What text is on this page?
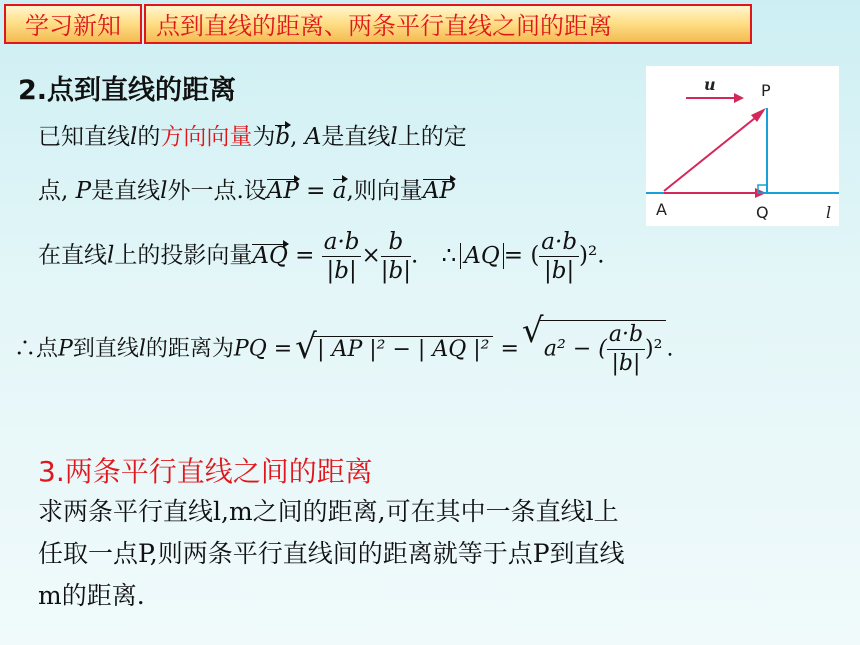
学习新知	点到直线的距离、两条平行直线之间的距离
2.点到直线的距离	u	P
A	Q	l
已知直线l的方向向量为b, A是直线l上的定
点, P是直线l外一点.设AP = a,则向量AP
在直线l上的投影向量AQ = $\frac{a\cdot b}{|b|} \times \frac{b}{|b|}$ . ∴ AQ = ( $\frac{a\cdot b}{|b|} )^2$.
∴点P到直线l的距离为PQ = √ | AP |² − | AQ |² = √ a² − ( $\frac{a\cdot b}{|b|} )^2$ .
3.两条平行直线之间的距离
求两条平行直线l,m之间的距离,可在其中一条直线l上
任取一点P,则两条平行直线间的距离就等于点P到直线
m的距离.
